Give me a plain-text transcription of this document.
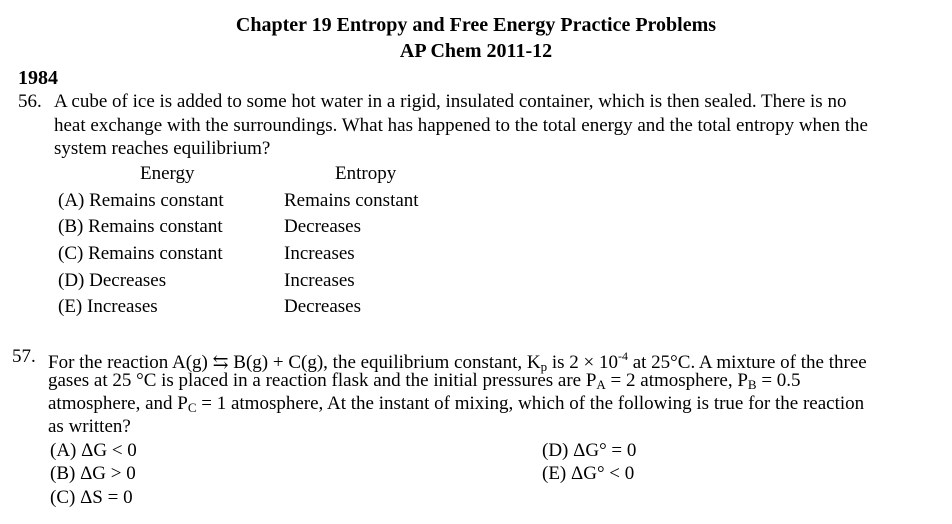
Chapter 19 Entropy and Free Energy Practice Problems
AP Chem 2011-12
1984
56. A cube of ice is added to some hot water in a rigid, insulated container, which is then sealed. There is no
heat exchange with the surroundings. What has happened to the total energy and the total entropy when the
system reaches equilibrium?
Energy	Entropy
(A) Remains constant	Remains constant
(B) Remains constant	Decreases
(C) Remains constant	Increases
(D) Decreases	Increases
(E) Increases	Decreases
57. For the reaction A(g) ⇆ B(g) + C(g), the equilibrium constant, $K_p$ is $2 \times 10^{-4}$ at 25°C. A mixture of the three
gases at 25 °C is placed in a reaction flask and the initial pressures are $P_A = 2$ atmosphere, $P_B = 0.5$
atmosphere, and $P_C = 1$ atmosphere, At the instant of mixing, which of the following is true for the reaction
as written?
(A) ΔG < 0
(B) ΔG > 0
(C) ΔS = 0
(D) ΔG° = 0
(E) ΔG° < 0
